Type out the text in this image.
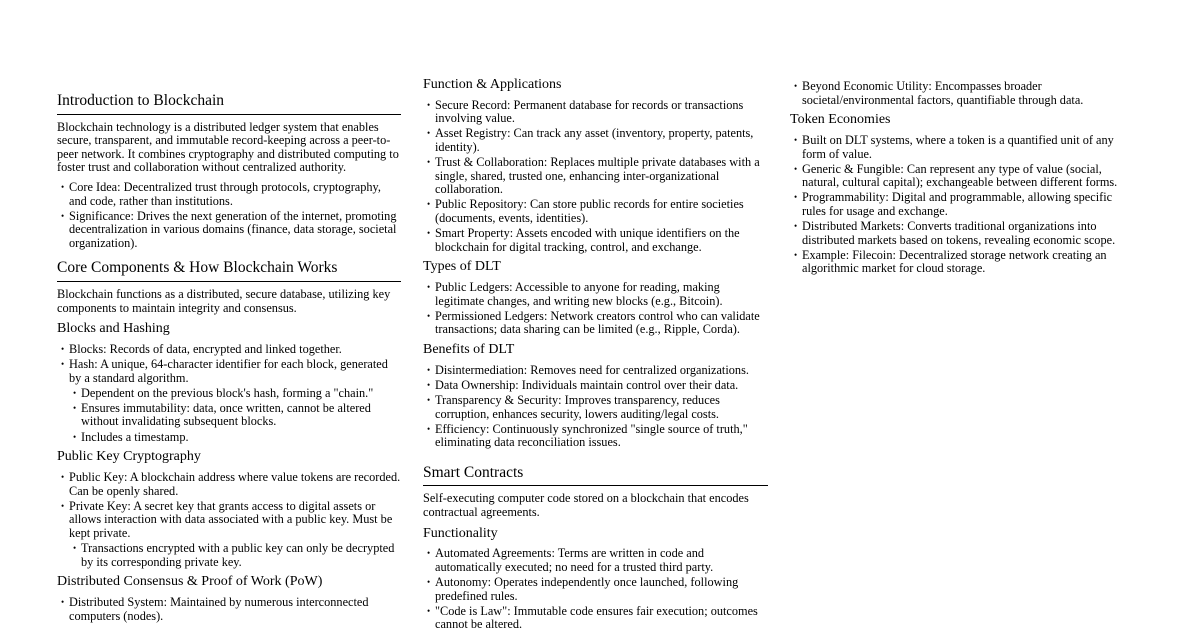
Introduction to Blockchain

Blockchain technology is a distributed ledger system that enables secure, transparent, and immutable record-keeping across a peer-to-peer network. It combines cryptography and distributed computing to foster trust and collaboration without centralized authority.

• Core Idea: Decentralized trust through protocols, cryptography, and code, rather than institutions.
• Significance: Drives the next generation of the internet, promoting decentralization in various domains (finance, data storage, societal organization).
Core Components & How Blockchain Works

Blockchain functions as a distributed, secure database, utilizing key components to maintain integrity and consensus.

Blocks and Hashing
• Blocks: Records of data, encrypted and linked together.
• Hash: A unique, 64-character identifier for each block, generated by a standard algorithm.
• Dependent on the previous block's hash, forming a "chain."
• Ensures immutability: data, once written, cannot be altered without invalidating subsequent blocks.
• Includes a timestamp.
Public Key Cryptography
• Public Key: A blockchain address where value tokens are recorded. Can be openly shared.
• Private Key: A secret key that grants access to digital assets or allows interaction with data associated with a public key. Must be kept private.
• Transactions encrypted with a public key can only be decrypted by its corresponding private key.
Distributed Consensus & Proof of Work (PoW)
• Distributed System: Maintained by numerous interconnected computers (nodes).
Function & Applications
• Secure Record: Permanent database for records or transactions involving value.
• Asset Registry: Can track any asset (inventory, property, patents, identity).
• Trust & Collaboration: Replaces multiple private databases with a single, shared, trusted one, enhancing inter-organizational collaboration.
• Public Repository: Can store public records for entire societies (documents, events, identities).
• Smart Property: Assets encoded with unique identifiers on the blockchain for digital tracking, control, and exchange.
Types of DLT
• Public Ledgers: Accessible to anyone for reading, making legitimate changes, and writing new blocks (e.g., Bitcoin).
• Permissioned Ledgers: Network creators control who can validate transactions; data sharing can be limited (e.g., Ripple, Corda).
Benefits of DLT
• Disintermediation: Removes need for centralized organizations.
• Data Ownership: Individuals maintain control over their data.
• Transparency & Security: Improves transparency, reduces corruption, enhances security, lowers auditing/legal costs.
• Efficiency: Continuously synchronized "single source of truth," eliminating data reconciliation issues.
Smart Contracts

Self-executing computer code stored on a blockchain that encodes contractual agreements.

Functionality
• Automated Agreements: Terms are written in code and automatically executed; no need for a trusted third party.
• Autonomy: Operates independently once launched, following predefined rules.
• "Code is Law": Immutable code ensures fair execution; outcomes cannot be altered.
• Beyond Economic Utility: Encompasses broader societal/environmental factors, quantifiable through data.
Token Economies
• Built on DLT systems, where a token is a quantified unit of any form of value.
• Generic & Fungible: Can represent any type of value (social, natural, cultural capital); exchangeable between different forms.
• Programmability: Digital and programmable, allowing specific rules for usage and exchange.
• Distributed Markets: Converts traditional organizations into distributed markets based on tokens, revealing economic scope.
• Example: Filecoin: Decentralized storage network creating an algorithmic market for cloud storage.
